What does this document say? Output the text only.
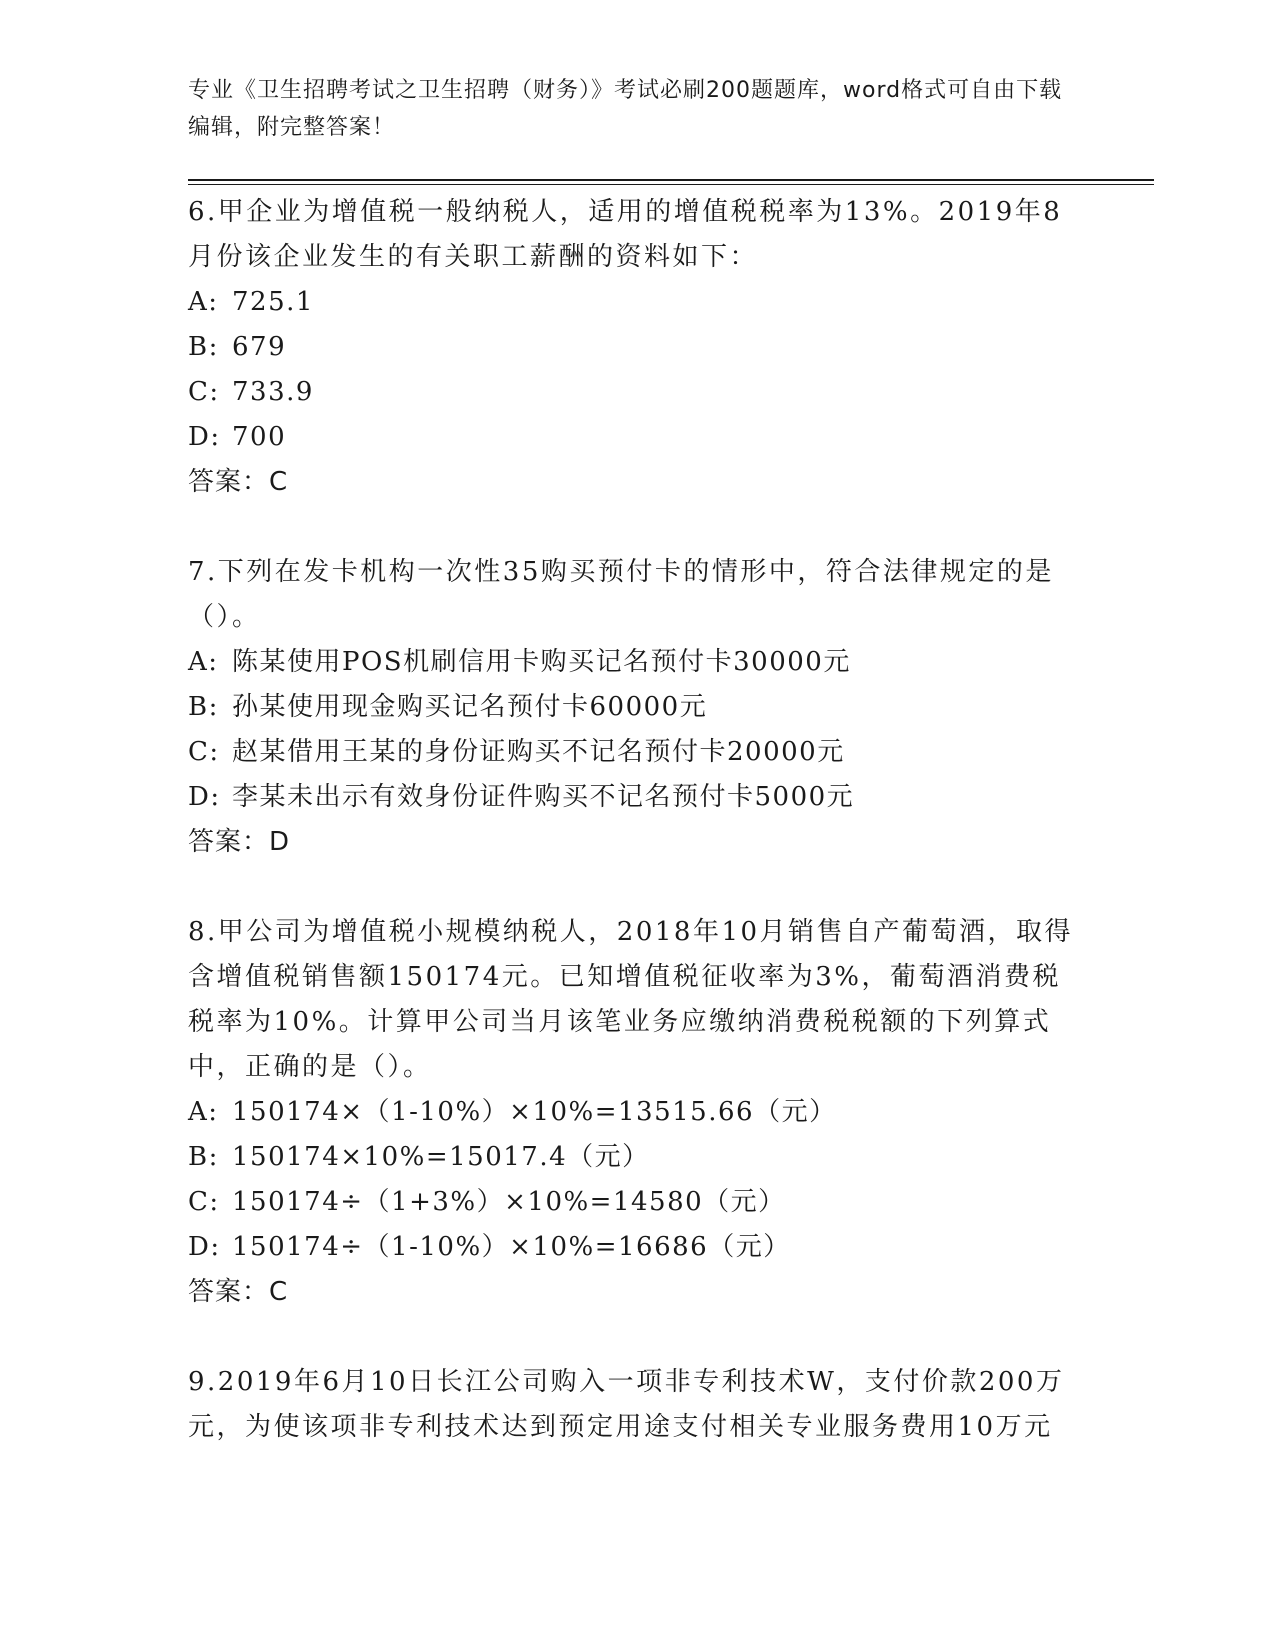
专业《卫生招聘考试之卫生招聘（财务）》考试必刷200题题库，word格式可自由下载编辑，附完整答案！

6.甲企业为增值税一般纳税人，适用的增值税税率为13%。2019年8月份该企业发生的有关职工薪酬的资料如下：

A: 725.1

B: 679

C: 733.9

D: 700

答案：C

7.下列在发卡机构一次性35购买预付卡的情形中，符合法律规定的是（）。

A: 陈某使用POS机刷信用卡购买记名预付卡30000元

B: 孙某使用现金购买记名预付卡60000元

C: 赵某借用王某的身份证购买不记名预付卡20000元

D: 李某未出示有效身份证件购买不记名预付卡5000元

答案：D

8.甲公司为增值税小规模纳税人，2018年10月销售自产葡萄酒，取得含增值税销售额150174元。已知增值税征收率为3%，葡萄酒消费税税率为10%。计算甲公司当月该笔业务应缴纳消费税税额的下列算式中，正确的是（）。

A: 150174×（1-10%）×10%=13515.66（元）

B: 150174×10%=15017.4（元）

C: 150174÷（1+3%）×10%=14580（元）

D: 150174÷（1-10%）×10%=16686（元）

答案：C

9.2019年6月10日长江公司购入一项非专利技术W，支付价款200万元，为使该项非专利技术达到预定用途支付相关专业服务费用10万元
